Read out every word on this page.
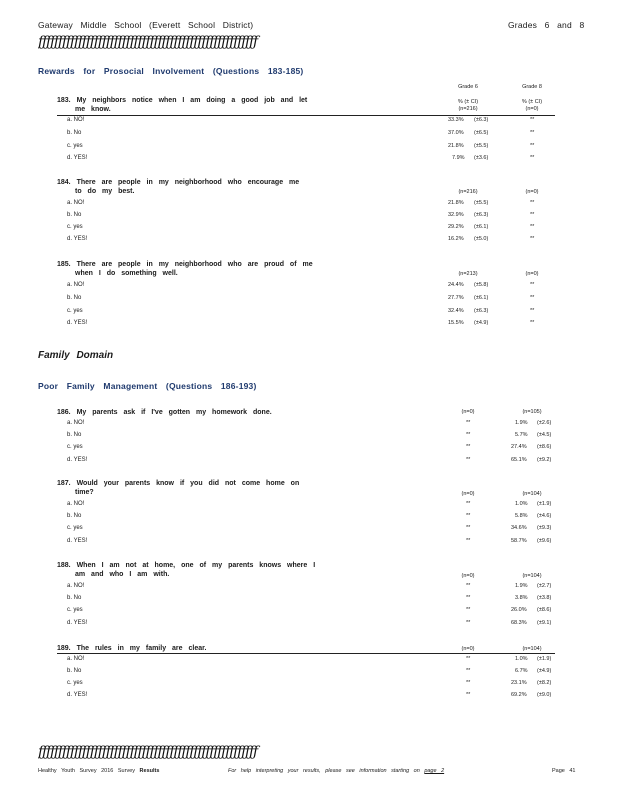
Gateway Middle School (Everett School District)	Grades 6 and 8
ƒƒƒƒƒƒƒƒƒƒƒƒƒƒƒƒƒƒƒƒƒƒƒƒƒƒƒƒƒƒƒƒƒƒƒƒƒƒƒƒƒƒƒƒƒƒƒƒƒƒƒƒƒƒƒ
Rewards for Prosocial Involvement (Questions 183-185)
Grade 6	Grade 8
% (± CI)	% (± CI)
183. My neighbors notice when I am doing a good job and let
me know.	(n=216)	(n=0)
a. NO!	33.3% (±6.3)	**
b. No	37.0% (±6.5)	**
c. yes	21.8% (±5.5)	**
d. YES!	7.9% (±3.6)	**
184. There are people in my neighborhood who encourage me
to do my best.	(n=216)	(n=0)
a. NO!	21.8% (±5.5)	**
b. No	32.9% (±6.3)	**
c. yes	29.2% (±6.1)	**
d. YES!	16.2% (±5.0)	**
185. There are people in my neighborhood who are proud of me
when I do something well.	(n=213)	(n=0)
a. NO!	24.4% (±5.8)	**
b. No	27.7% (±6.1)	**
c. yes	32.4% (±6.3)	**
d. YES!	15.5% (±4.9)	**
Family Domain
Poor Family Management (Questions 186-193)
186. My parents ask if I've gotten my homework done.	(n=0)	(n=105)
a. NO!	**	1.9% (±2.6)
b. No	**	5.7% (±4.5)
c. yes	**	27.4% (±8.6)
d. YES!	**	65.1% (±9.2)
187. Would your parents know if you did not come home on
time?	(n=0)	(n=104)
a. NO!	**	1.0% (±1.9)
b. No	**	5.8% (±4.6)
c. yes	**	34.6% (±9.3)
d. YES!	**	58.7% (±9.6)
188. When I am not at home, one of my parents knows where I
am and who I am with.	(n=0)	(n=104)
a. NO!	**	1.9% (±2.7)
b. No	**	3.8% (±3.8)
c. yes	**	26.0% (±8.6)
d. YES!	**	68.3% (±9.1)
189. The rules in my family are clear.	(n=0)	(n=104)
a. NO!	**	1.0% (±1.9)
b. No	**	6.7% (±4.9)
c. yes	**	23.1% (±8.2)
d. YES!	**	69.2% (±9.0)
ƒƒƒƒƒƒƒƒƒƒƒƒƒƒƒƒƒƒƒƒƒƒƒƒƒƒƒƒƒƒƒƒƒƒƒƒƒƒƒƒƒƒƒƒƒƒƒƒƒƒƒƒƒƒƒ
Healthy Youth Survey 2016 Survey Results	For help interpreting your results, please see information starting on page 2	Page 41
